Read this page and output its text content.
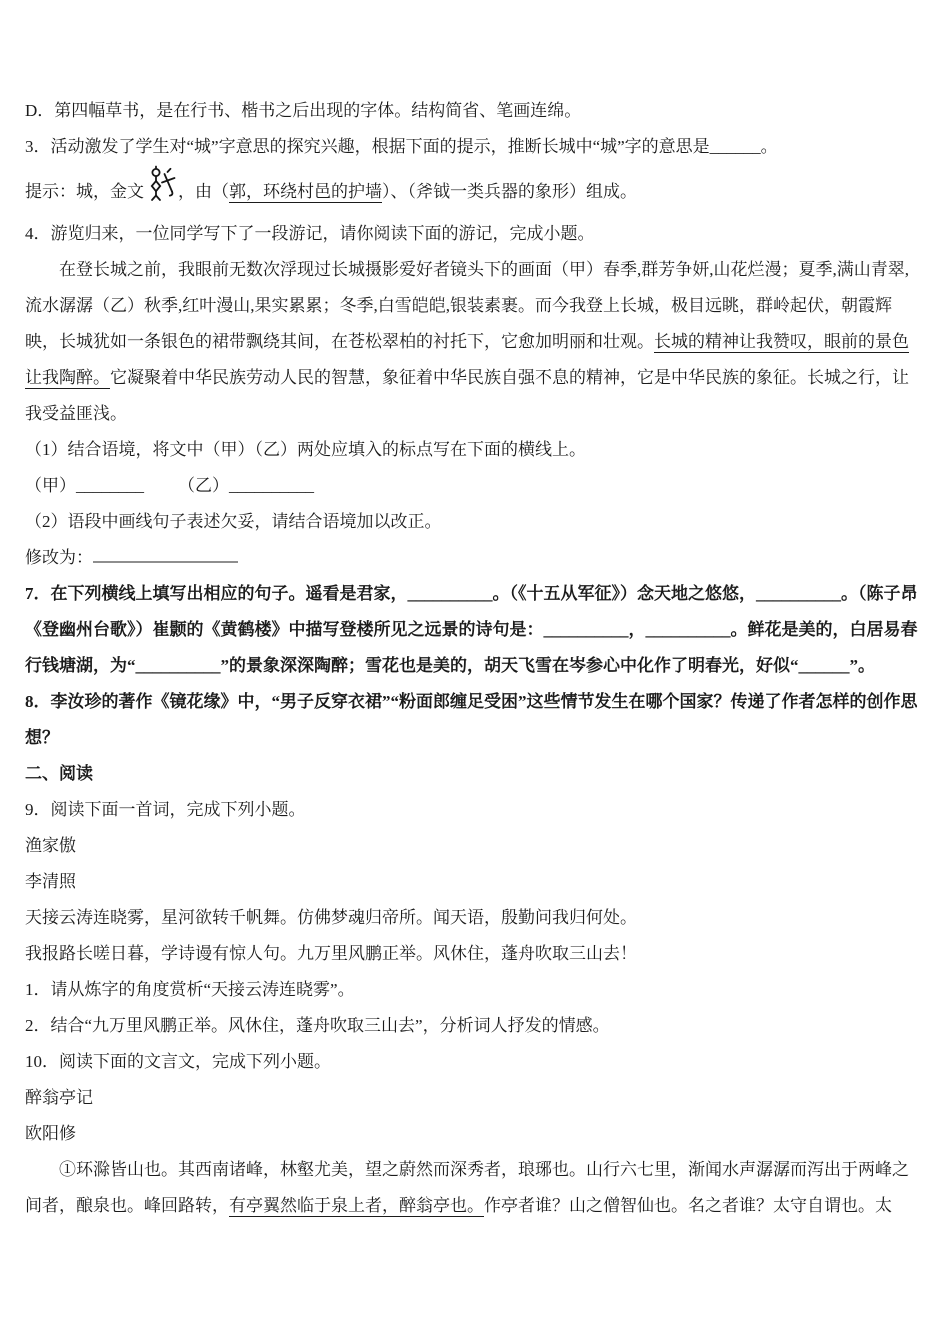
D．第四幅草书，是在行书、楷书之后出现的字体。结构简省、笔画连绵。

3．活动激发了学生对“城”字意思的探究兴趣，根据下面的提示，推断长城中“城”字的意思是______。

提示：城，金文 ，由（郭，环绕村邑的护墙）、（斧钺一类兵器的象形）组成。

4．游览归来，一位同学写下了一段游记，请你阅读下面的游记，完成小题。

在登长城之前，我眼前无数次浮现过长城摄影爱好者镜头下的画面（甲）春季,群芳争妍,山花烂漫；夏季,满山青翠,流水潺潺（乙）秋季,红叶漫山,果实累累；冬季,白雪皑皑,银装素裹。而今我登上长城，极目远眺，群岭起伏，朝霞辉映，长城犹如一条银色的裙带飘绕其间，在苍松翠柏的衬托下，它愈加明丽和壮观。长城的精神让我赞叹，眼前的景色让我陶醉。它凝聚着中华民族劳动人民的智慧，象征着中华民族自强不息的精神，它是中华民族的象征。长城之行，让我受益匪浅。

（1）结合语境，将文中（甲）（乙）两处应填入的标点写在下面的横线上。

（甲）________ （乙）__________

（2）语段中画线句子表述欠妥，请结合语境加以改正。

修改为：

7．在下列横线上填写出相应的句子。遥看是君家，__________。（《十五从军征》）念天地之悠悠，__________。（陈子昂《登幽州台歌》）崔颢的《黄鹤楼》中描写登楼所见之远景的诗句是：__________，__________。鲜花是美的，白居易春行钱塘湖，为“__________”的景象深深陶醉；雪花也是美的，胡天飞雪在岑参心中化作了明春光，好似“______”。

8．李汝珍的著作《镜花缘》中，“男子反穿衣裙”“粉面郎缠足受困”这些情节发生在哪个国家？传递了作者怎样的创作思想？

二、阅读

9．阅读下面一首词，完成下列小题。

渔家傲

李清照

天接云涛连晓雾，星河欲转千帆舞。仿佛梦魂归帝所。闻天语，殷勤问我归何处。

我报路长嗟日暮，学诗谩有惊人句。九万里风鹏正举。风休住，蓬舟吹取三山去！

1．请从炼字的角度赏析“天接云涛连晓雾”。

2．结合“九万里风鹏正举。风休住，蓬舟吹取三山去”，分析词人抒发的情感。

10．阅读下面的文言文，完成下列小题。

醉翁亭记

欧阳修

①环滁皆山也。其西南诸峰，林壑尤美，望之蔚然而深秀者，琅琊也。山行六七里，渐闻水声潺潺而泻出于两峰之间者，酿泉也。峰回路转，有亭翼然临于泉上者，醉翁亭也。作亭者谁？山之僧智仙也。名之者谁？太守自谓也。太
